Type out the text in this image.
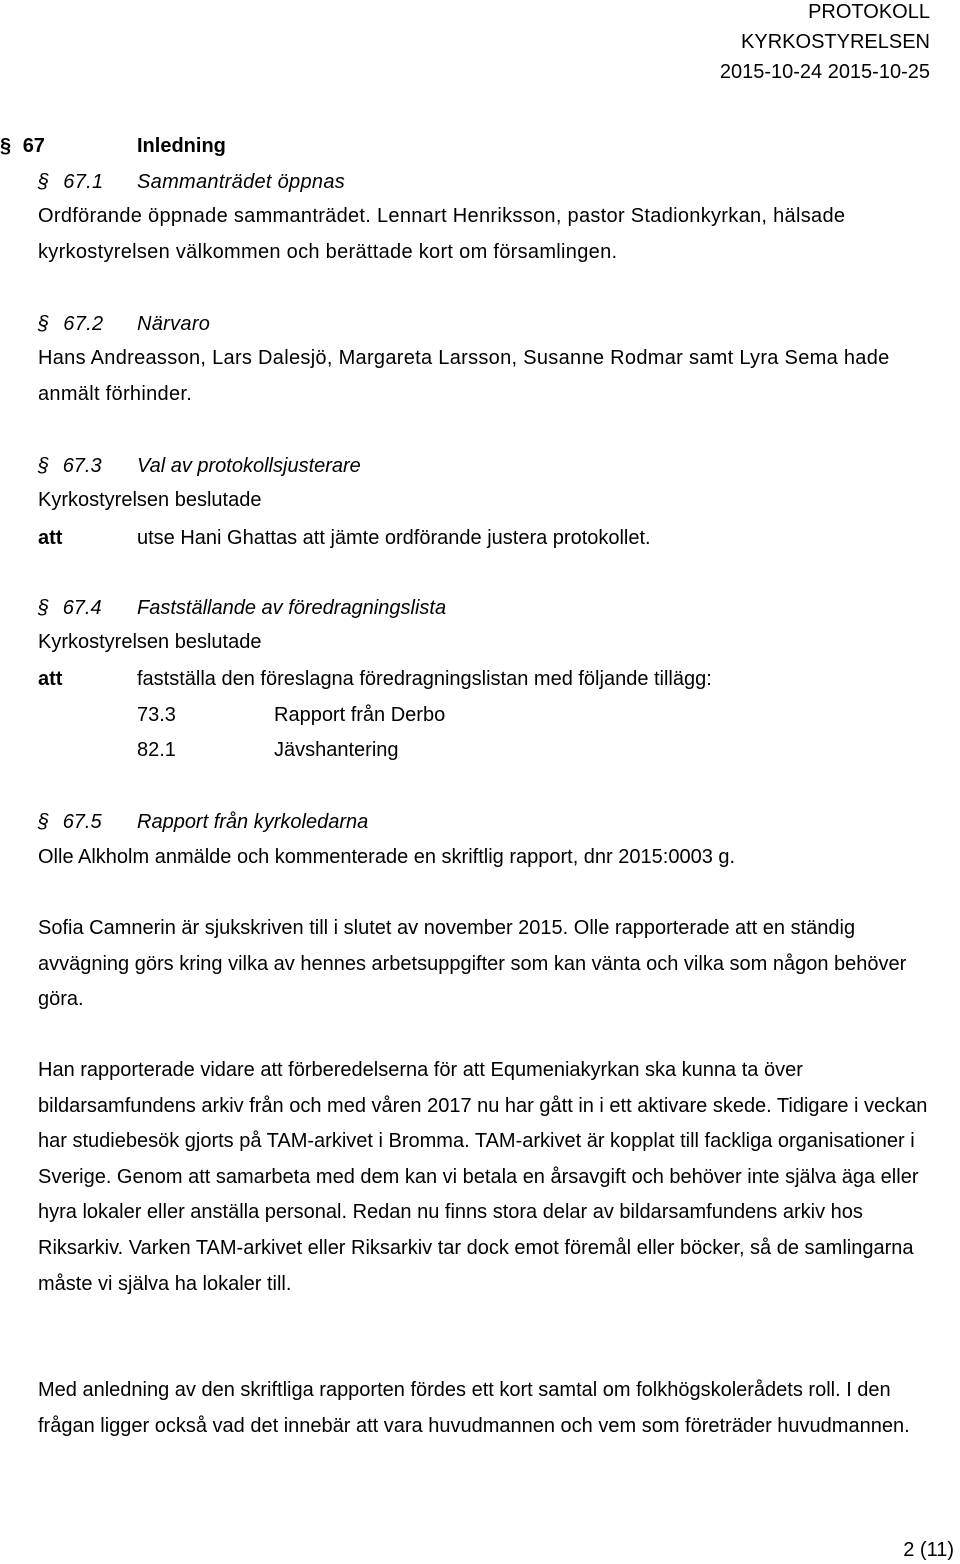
PROTOKOLL
KYRKOSTYRELSEN
2015-10-24 2015-10-25
§ 67	Inledning
§ 67.1 Sammanträdet öppnas
Ordförande öppnade sammanträdet. Lennart Henriksson, pastor Stadionkyrkan, hälsade kyrkostyrelsen välkommen och berättade kort om församlingen.
§ 67.2 Närvaro
Hans Andreasson, Lars Dalesjö, Margareta Larsson, Susanne Rodmar samt Lyra Sema hade anmält förhinder.
§ 67.3 Val av protokollsjusterare
Kyrkostyrelsen beslutade
att	utse Hani Ghattas att jämte ordförande justera protokollet.
§ 67.4 Fastställande av föredragningslista
Kyrkostyrelsen beslutade
att	fastställa den föreslagna föredragningslistan med följande tillägg:
73.3	Rapport från Derbo
82.1	Jävshantering
§ 67.5 Rapport från kyrkoledarna
Olle Alkholm anmälde och kommenterade en skriftlig rapport, dnr 2015:0003 g.
Sofia Camnerin är sjukskriven till i slutet av november 2015. Olle rapporterade att en ständig avvägning görs kring vilka av hennes arbetsuppgifter som kan vänta och vilka som någon behöver göra.
Han rapporterade vidare att förberedelserna för att Equmeniakyrkan ska kunna ta över bildarsamfundens arkiv från och med våren 2017 nu har gått in i ett aktivare skede. Tidigare i veckan har studiebesök gjorts på TAM-arkivet i Bromma. TAM-arkivet är kopplat till fackliga organisationer i Sverige. Genom att samarbeta med dem kan vi betala en årsavgift och behöver inte själva äga eller hyra lokaler eller anställa personal. Redan nu finns stora delar av bildarsamfundens arkiv hos Riksarkiv. Varken TAM-arkivet eller Riksarkiv tar dock emot föremål eller böcker, så de samlingarna måste vi själva ha lokaler till.
Med anledning av den skriftliga rapporten fördes ett kort samtal om folkhögskolerådets roll. I den frågan ligger också vad det innebär att vara huvudmannen och vem som företräder huvudmannen.
2 (11)
